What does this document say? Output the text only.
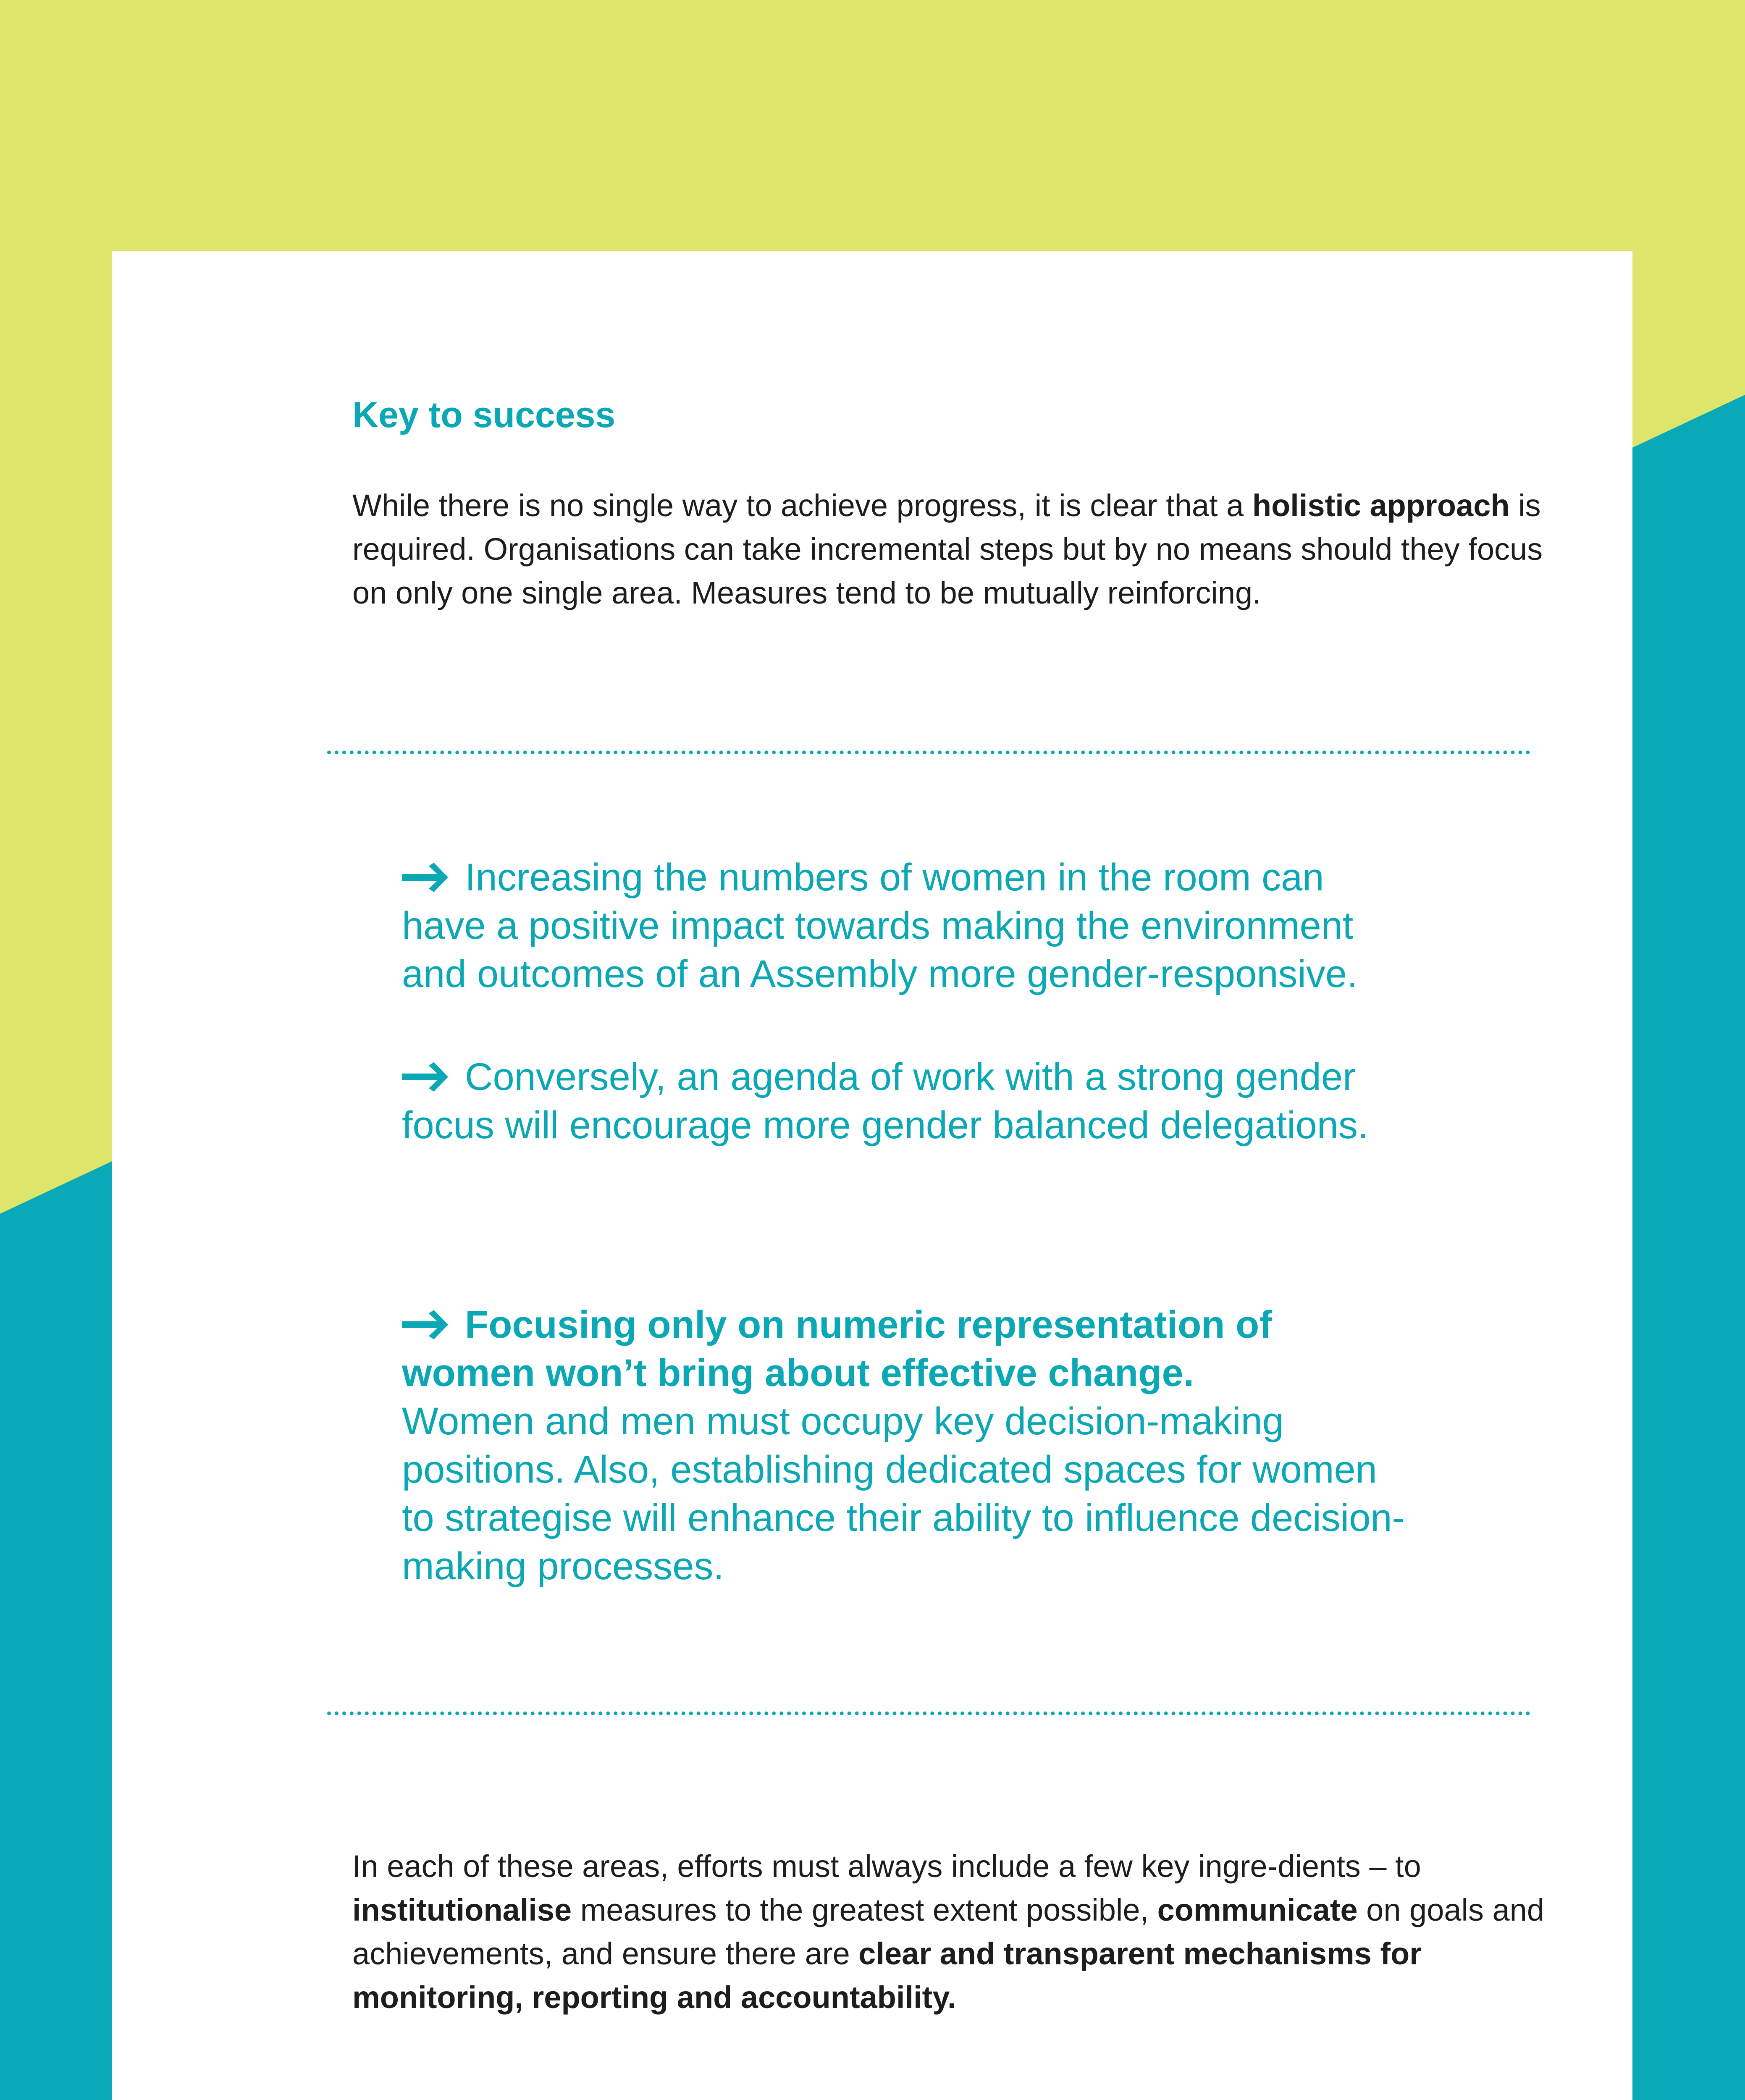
Key to success

While there is no single way to achieve progress, it is clear that a holistic approach is required. Organisations can take incremental steps but by no means should they focus on only one single area. Measures tend to be mutually reinforcing.

Increasing the numbers of women in the room can have a positive impact towards making the environment and outcomes of an Assembly more gender-responsive.

Conversely, an agenda of work with a strong gender focus will encourage more gender balanced delegations.

Focusing only on numeric representation of women won’t bring about effective change.
Women and men must occupy key decision-making positions. Also, establishing dedicated spaces for women to strategise will enhance their ability to influence decision-making processes.

In each of these areas, efforts must always include a few key ingre-dients – to institutionalise measures to the greatest extent possible, communicate on goals and achievements, and ensure there are clear and transparent mechanisms for monitoring, reporting and accountability.
